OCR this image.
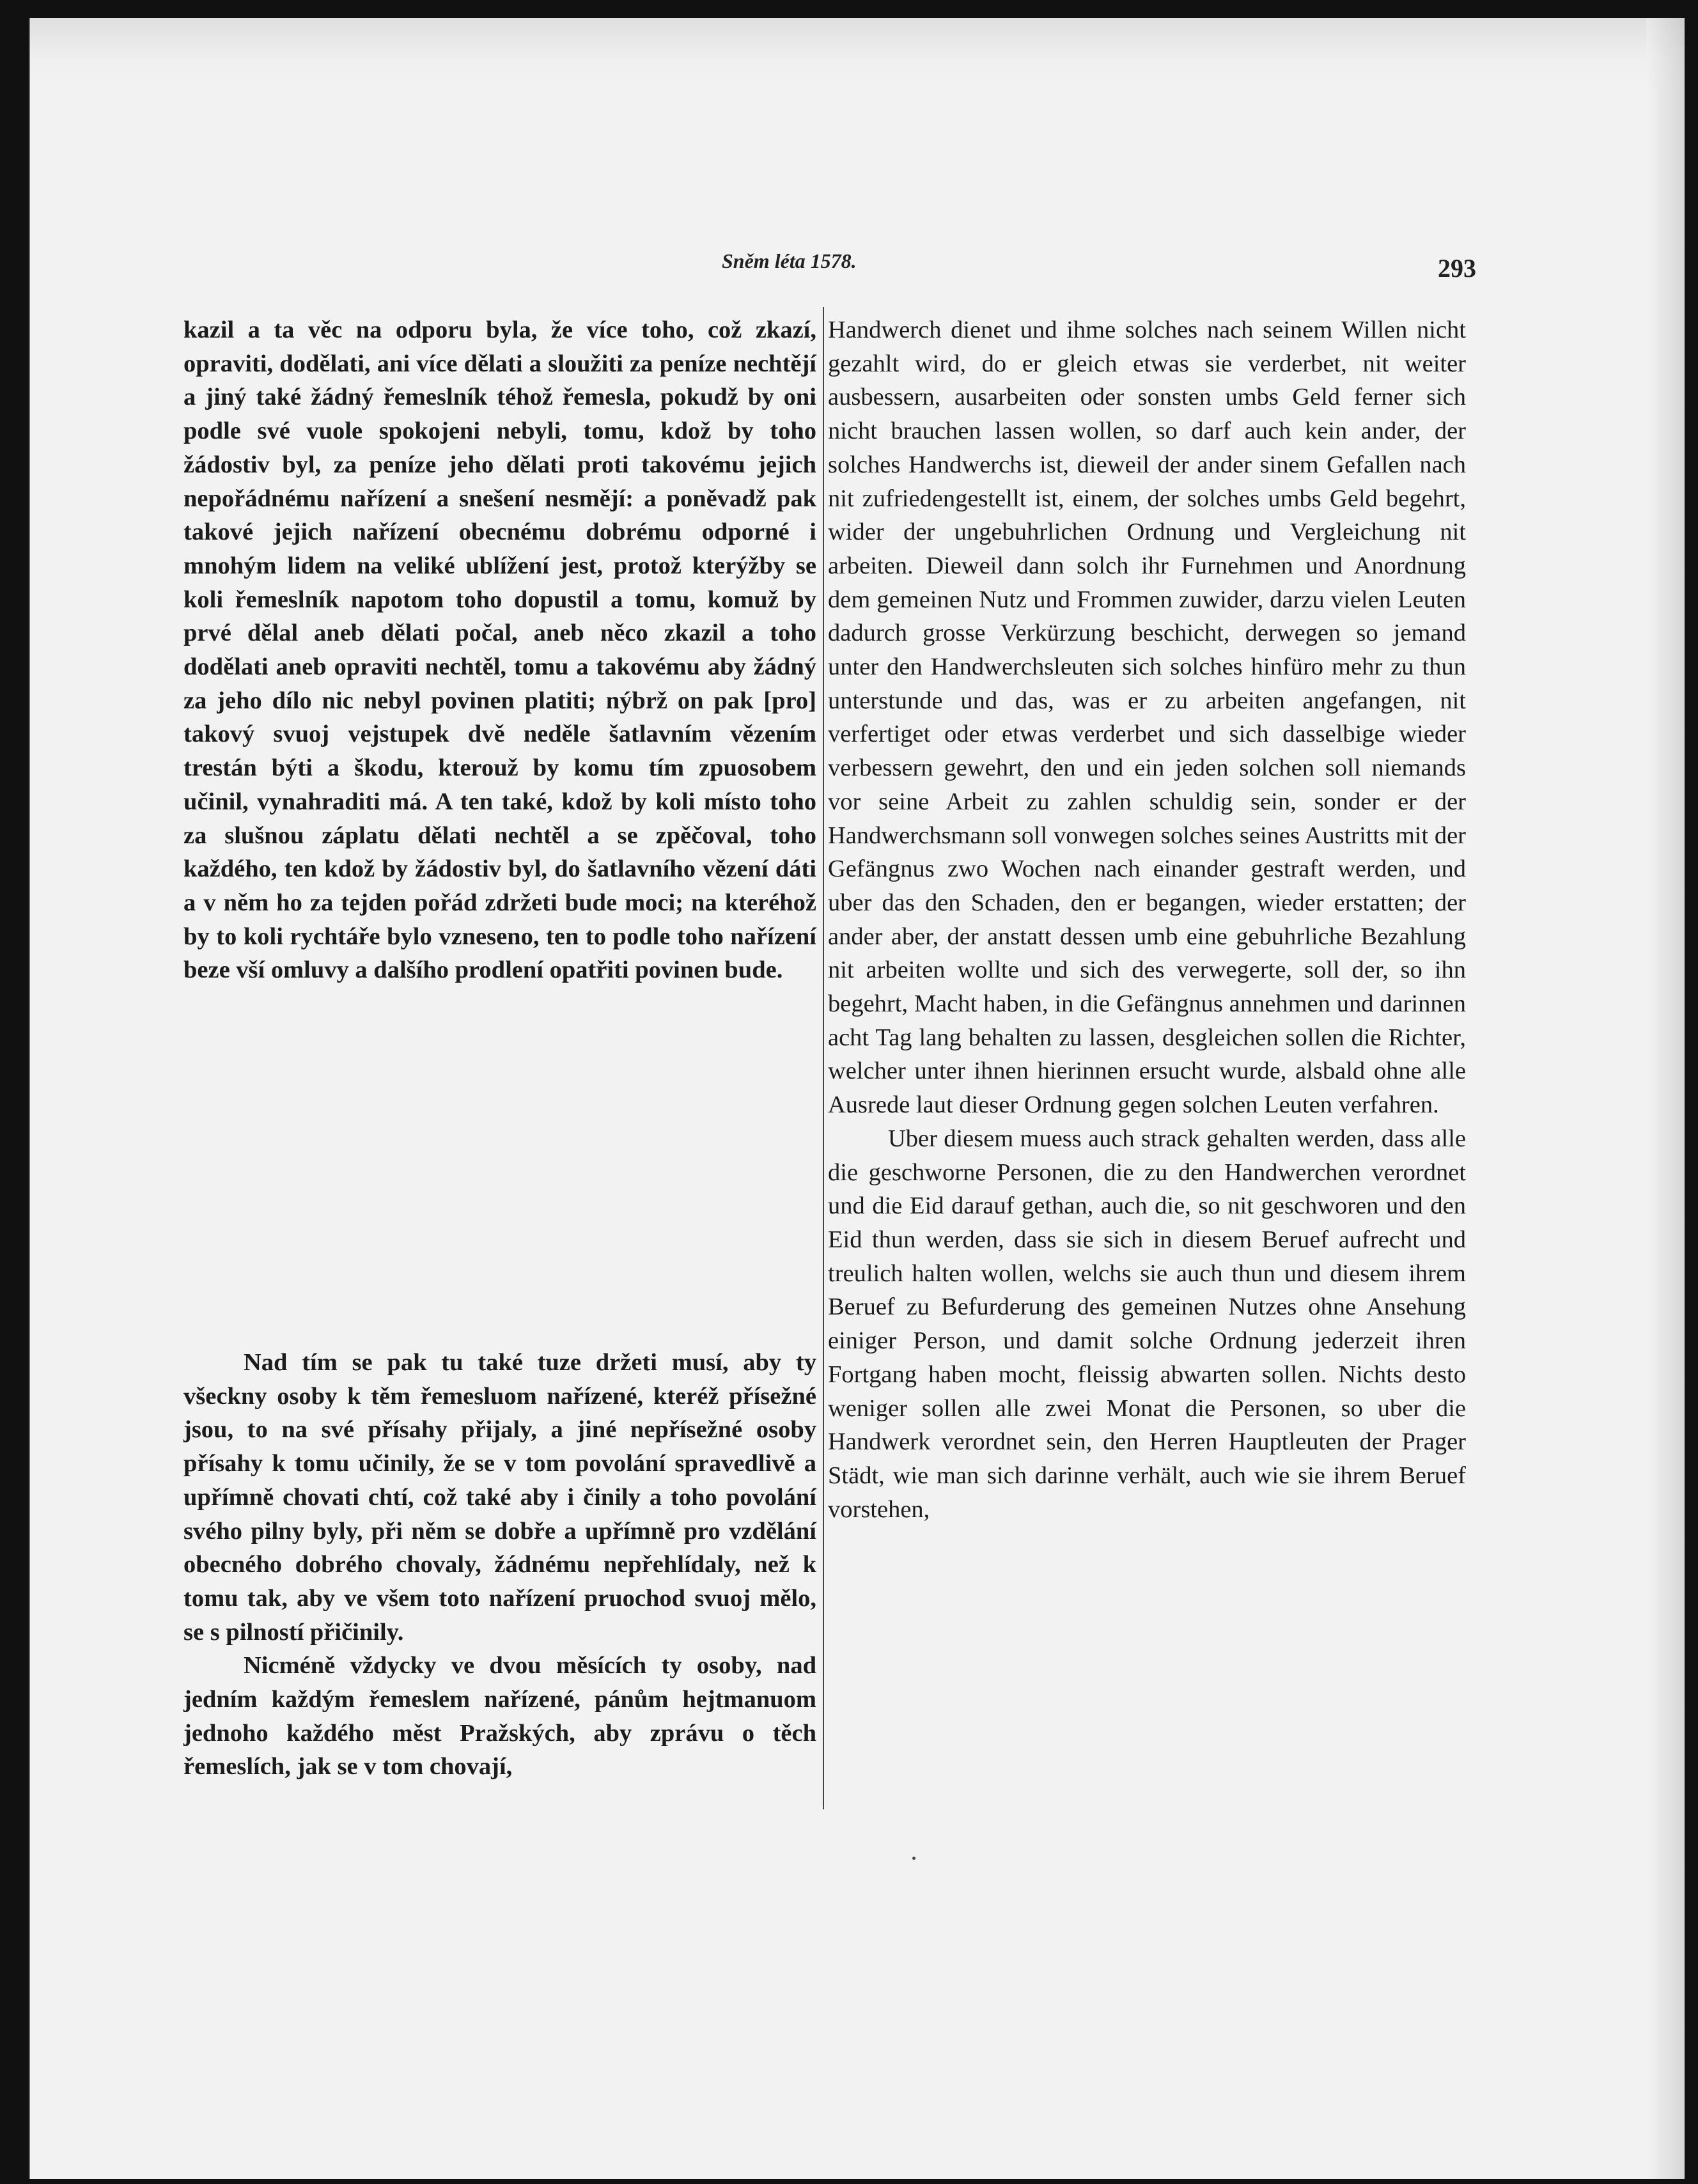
Sněm léta 1578.	293

kazil a ta věc na odporu byla, že více toho, což zkazí, opraviti, dodělati, ani více dělati a sloužiti za peníze nechtějí a jiný také žádný řemeslník téhož řemesla, pokudž by oni podle své vuole spokojeni nebyli, tomu, kdož by toho žádostiv byl, za peníze jeho dělati proti takovému jejich nepořádnému nařízení a snešení nesmějí: a poněvadž pak takové jejich nařízení obecnému dobrému odporné i mnohým lidem na veliké ublížení jest, protož kterýžby se koli řemeslník napotom toho dopustil a tomu, komuž by prvé dělal aneb dělati počal, aneb něco zkazil a toho dodělati aneb opraviti nechtěl, tomu a takovému aby žádný za jeho dílo nic nebyl povinen platiti; nýbrž on pak [pro] takový svuoj vejstupek dvě neděle šatlavním vězením trestán býti a škodu, kterouž by komu tím zpuosobem učinil, vynahraditi má. A ten také, kdož by koli místo toho za slušnou záplatu dělati nechtěl a se zpěčoval, toho každého, ten kdož by žádostiv byl, do šatlavního vězení dáti a v něm ho za tejden pořád zdržeti bude moci; na kteréhož by to koli rychtáře bylo vzneseno, ten to podle toho nařízení beze vší omluvy a dalšího prodlení opatřiti povinen bude.

Nad tím se pak tu také tuze držeti musí, aby ty všeckny osoby k těm řemesluom nařízené, kteréž přísežné jsou, to na své přísahy přijaly, a jiné nepřísežné osoby přísahy k tomu učinily, že se v tom povolání spravedlivě a upřímně chovati chtí, což také aby i činily a toho povolání svého pilny byly, při něm se dobře a upřímně pro vzdělání obecného dobrého chovaly, žádnému nepřehlídaly, než k tomu tak, aby ve všem toto nařízení pruochod svuoj mělo, se s pilností přičinily.

Nicméně vždycky ve dvou měsících ty osoby, nad jedním každým řemeslem nařízené, pánům hejtmanuom jednoho každého měst Pražských, aby zprávu o těch řemeslích, jak se v tom chovají,

Handwerch dienet und ihme solches nach seinem Willen nicht gezahlt wird, do er gleich etwas sie verderbet, nit weiter ausbessern, ausarbeiten oder sonsten umbs Geld ferner sich nicht brauchen lassen wollen, so darf auch kein ander, der solches Handwerchs ist, dieweil der ander sinem Gefallen nach nit zufriedengestellt ist, einem, der solches umbs Geld begehrt, wider der ungebuhrlichen Ordnung und Vergleichung nit arbeiten. Dieweil dann solch ihr Furnehmen und Anordnung dem gemeinen Nutz und Frommen zuwider, darzu vielen Leuten dadurch grosse Verkürzung beschicht, derwegen so jemand unter den Handwerchsleuten sich solches hinfüro mehr zu thun unterstunde und das, was er zu arbeiten angefangen, nit verfertiget oder etwas verderbet und sich dasselbige wieder verbessern gewehrt, den und ein jeden solchen soll niemands vor seine Arbeit zu zahlen schuldig sein, sonder er der Handwerchsmann soll vonwegen solches seines Austritts mit der Gefängnus zwo Wochen nach einander gestraft werden, und uber das den Schaden, den er begangen, wieder erstatten; der ander aber, der anstatt dessen umb eine gebuhrliche Bezahlung nit arbeiten wollte und sich des verwegerte, soll der, so ihn begehrt, Macht haben, in die Gefängnus annehmen und darinnen acht Tag lang behalten zu lassen, desgleichen sollen die Richter, welcher unter ihnen hierinnen ersucht wurde, alsbald ohne alle Ausrede laut dieser Ordnung gegen solchen Leuten verfahren.

Uber diesem muess auch strack gehalten werden, dass alle die geschworne Personen, die zu den Handwerchen verordnet und die Eid darauf gethan, auch die, so nit geschworen und den Eid thun werden, dass sie sich in diesem Beruef aufrecht und treulich halten wollen, welchs sie auch thun und diesem ihrem Beruef zu Befurderung des gemeinen Nutzes ohne Ansehung einiger Person, und damit solche Ordnung jederzeit ihren Fortgang haben mocht, fleissig abwarten sollen. Nichts desto weniger sollen alle zwei Monat die Personen, so uber die Handwerk verordnet sein, den Herren Hauptleuten der Prager Städt, wie man sich darinne verhält, auch wie sie ihrem Beruef vorstehen,
